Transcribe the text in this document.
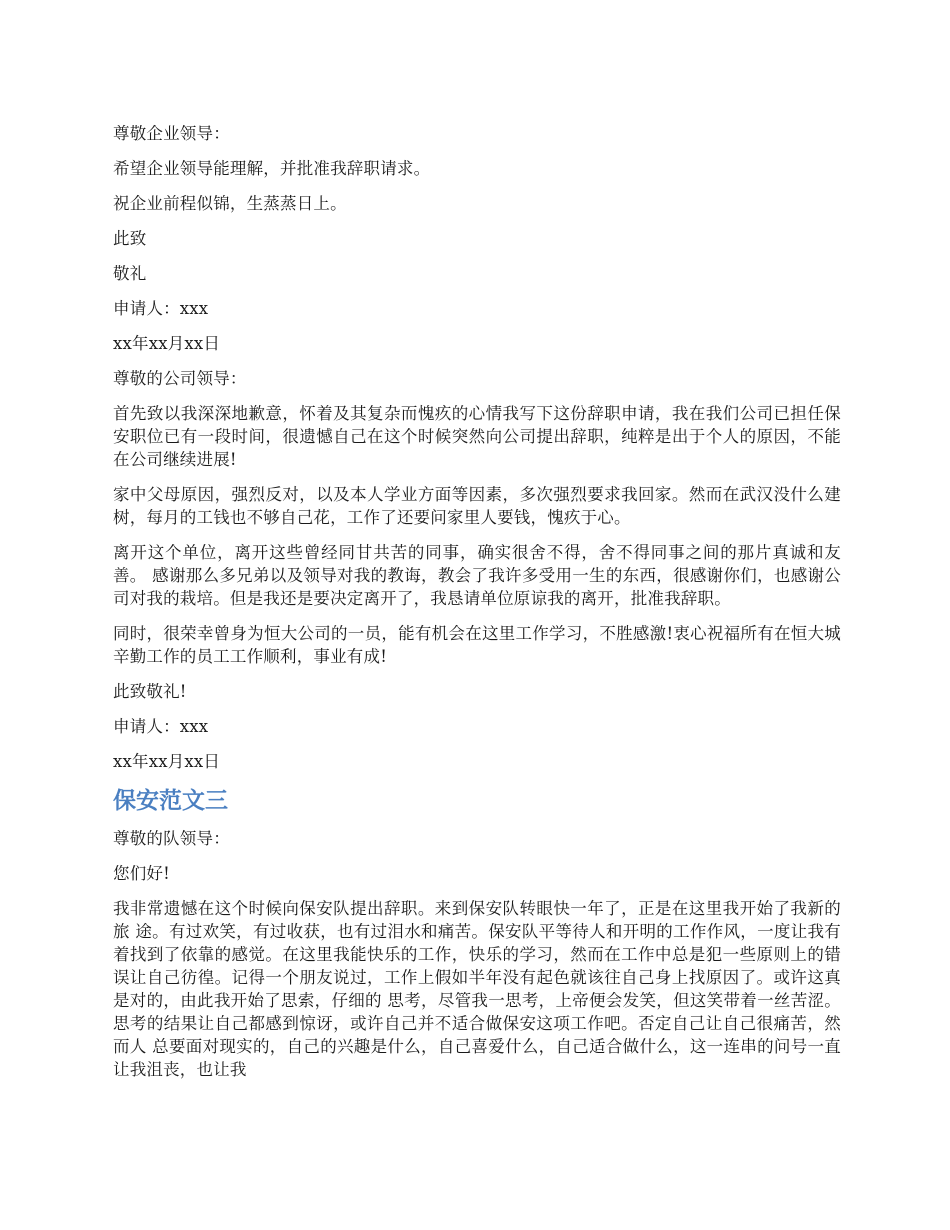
尊敬企业领导：

希望企业领导能理解，并批准我辞职请求。

祝企业前程似锦，生蒸蒸日上。

此致

敬礼

申请人：xxx

xx年xx月xx日

尊敬的公司领导：

首先致以我深深地歉意，怀着及其复杂而愧疚的心情我写下这份辞职申请，我在我们公司已担任保安职位已有一段时间，很遗憾自己在这个时候突然向公司提出辞职，纯粹是出于个人的原因，不能在公司继续进展!

家中父母原因，强烈反对，以及本人学业方面等因素，多次强烈要求我回家。然而在武汉没什么建树，每月的工钱也不够自己花，工作了还要问家里人要钱，愧疚于心。

离开这个单位，离开这些曾经同甘共苦的同事，确实很舍不得，舍不得同事之间的那片真诚和友善。 感谢那么多兄弟以及领导对我的教诲，教会了我许多受用一生的东西，很感谢你们，也感谢公司对我的栽培。但是我还是要决定离开了，我恳请单位原谅我的离开，批准我辞职。

同时，很荣幸曾身为恒大公司的一员，能有机会在这里工作学习，不胜感激!衷心祝福所有在恒大城辛勤工作的员工工作顺利，事业有成!

此致敬礼!

申请人：xxx

xx年xx月xx日

保安范文三

尊敬的队领导：

您们好!

我非常遗憾在这个时候向保安队提出辞职。来到保安队转眼快一年了，正是在这里我开始了我新的旅 途。有过欢笑，有过收获，也有过泪水和痛苦。保安队平等待人和开明的工作作风，一度让我有着找到了依靠的感觉。在这里我能快乐的工作，快乐的学习，然而在工作中总是犯一些原则上的错误让自己彷徨。记得一个朋友说过，工作上假如半年没有起色就该往自己身上找原因了。或许这真是对的，由此我开始了思索，仔细的 思考，尽管我一思考，上帝便会发笑，但这笑带着一丝苦涩。思考的结果让自己都感到惊讶，或许自己并不适合做保安这项工作吧。否定自己让自己很痛苦，然而人 总要面对现实的，自己的兴趣是什么，自己喜爱什么，自己适合做什么，这一连串的问号一直让我沮丧，也让我
